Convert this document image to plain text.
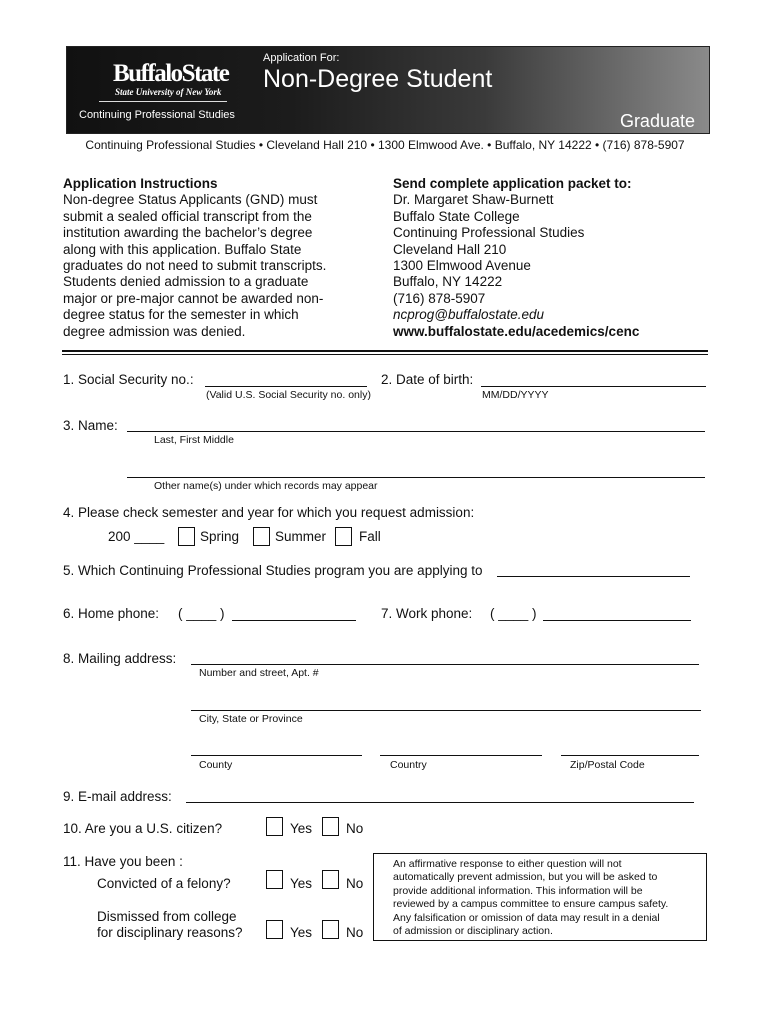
BuffaloState
State University of New York
Continuing Professional Studies
Application For:
Non-Degree Student
Graduate
Continuing Professional Studies • Cleveland Hall 210 • 1300 Elmwood Ave. • Buffalo, NY 14222 • (716) 878-5907
Application Instructions
Non-degree Status Applicants (GND) must
submit a sealed official transcript from the
institution awarding the bachelor’s degree
along with this application. Buffalo State
graduates do not need to submit transcripts.
Students denied admission to a graduate
major or pre-major cannot be awarded non-
degree status for the semester in which
degree admission was denied.
Send complete application packet to:
Dr. Margaret Shaw-Burnett
Buffalo State College
Continuing Professional Studies
Cleveland Hall 210
1300 Elmwood Avenue
Buffalo, NY 14222
(716) 878-5907
ncprog@buffalostate.edu
www.buffalostate.edu/acedemics/cenc
1. Social Security no.:
(Valid U.S. Social Security no. only)
2. Date of birth:
MM/DD/YYYY
3. Name:
Last, First Middle
Other name(s) under which records may appear
4. Please check semester and year for which you request admission:
200 ____	Spring	Summer Fall
5. Which Continuing Professional Studies program you are applying to
6. Home phone: ( ____ )	7. Work phone: ( ____ )
8. Mailing address:
Number and street, Apt. #
City, State or Province
County	Country	Zip/Postal Code
9. E-mail address:
10. Are you a U.S. citizen?	Yes	No
11. Have you been :
Convicted of a felony?	Yes	No
Dismissed from college
for disciplinary reasons?	Yes	No
An affirmative response to either question will not
automatically prevent admission, but you will be asked to
provide additional information. This information will be
reviewed by a campus committee to ensure campus safety.
Any falsification or omission of data may result in a denial
of admission or disciplinary action.
